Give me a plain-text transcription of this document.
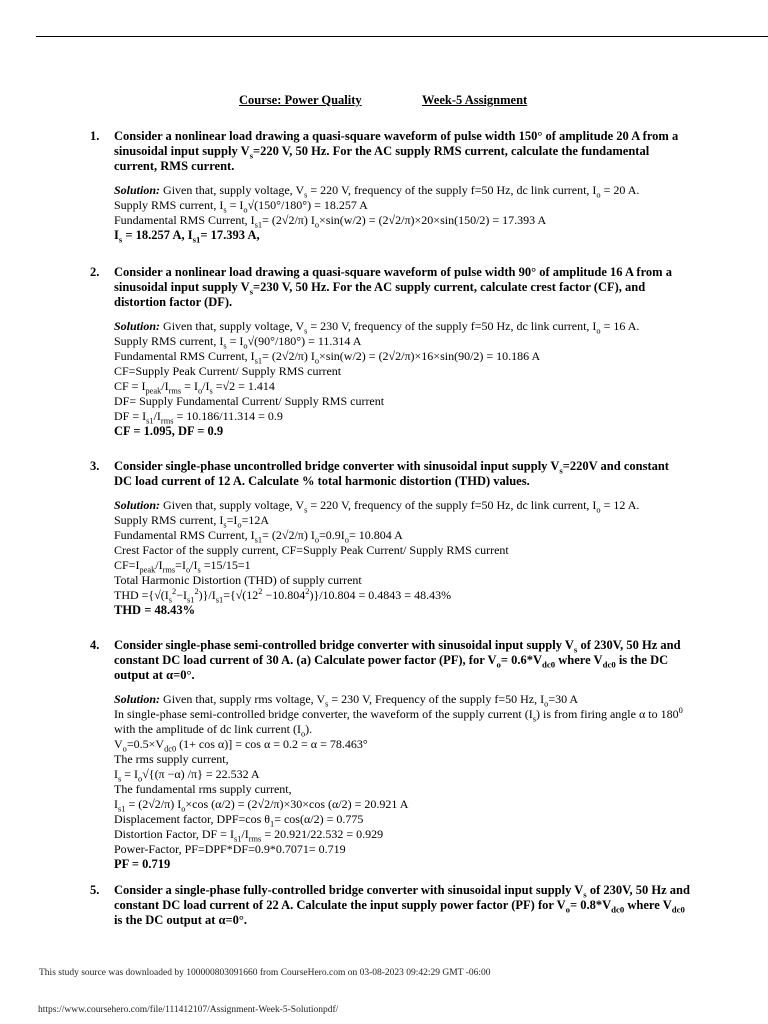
Course: Power Quality	Week-5 Assignment
1. Consider a nonlinear load drawing a quasi-square waveform of pulse width 150° of amplitude 20 A from a sinusoidal input supply $V_s=220$ V, 50 Hz. For the AC supply RMS current, calculate the fundamental current, RMS current.
Solution: Given that, supply voltage, $V_s = 220$ V, frequency of the supply f=50 Hz, dc link current, $I_o = 20$ A.
Supply RMS current, $I_s = I_o√(150^\circ/180^\circ) = 18.257$ A
Fundamental RMS Current, $I_{s1}= (2√2/\pi) I_o\times\sin(w/2) = (2√2/\pi)\times 20\times\sin(150/2) = 17.393$ A
$I_s = 18.257$ A, $I_{s1}= 17.393$ A,
2. Consider a nonlinear load drawing a quasi-square waveform of pulse width 90° of amplitude 16 A from a sinusoidal input supply $V_s=230$ V, 50 Hz. For the AC supply current, calculate crest factor (CF), and distortion factor (DF).
Solution: Given that, supply voltage, $V_s = 230$ V, frequency of the supply f=50 Hz, dc link current, $I_o = 16$ A.
Supply RMS current, $I_s = I_o√(90^\circ/180^\circ) = 11.314$ A
Fundamental RMS Current, $I_{s1}= (2√2/\pi) I_o\times\sin(w/2) = (2√2/\pi)\times 16\times\sin(90/2) = 10.186$ A
CF=Supply Peak Current/ Supply RMS current
CF = $I_{peak}/I_{rms} = I_o/I_s =√2 = 1.414$
DF= Supply Fundamental Current/ Supply RMS current
DF = $I_{s1}/I_{rms} = 10.186/11.314 = 0.9$
CF = 1.095, DF = 0.9
3. Consider single-phase uncontrolled bridge converter with sinusoidal input supply $V_s=220V$ and constant DC load current of 12 A. Calculate % total harmonic distortion (THD) values.
Solution: Given that, supply voltage, $V_s = 220$ V, frequency of the supply f=50 Hz, dc link current, $I_o = 12$ A.
Supply RMS current, $I_s=I_o=12A$
Fundamental RMS Current, $I_{s1}= (2√2/\pi)$ $I_o=0.9I_o= 10.804$ A
Crest Factor of the supply current, CF=Supply Peak Current/ Supply RMS current
$CF=I_{peak}/I_{rms}=I_o/I_s =15/15=1$
Total Harmonic Distortion (THD) of supply current
THD $=\{√(I_s^2-I_{s1}^2)\}/I_{s1}=\{√(12^2 -10.804^2)\}/10.804 = 0.4843 = 48.43\%$
THD = 48.43%
4. Consider single-phase semi-controlled bridge converter with sinusoidal input supply $V_s$ of 230V, 50 Hz and constant DC load current of 30 A. (a) Calculate power factor (PF), for $V_o= 0.6*V_{dc0}$ where $V_{dc0}$ is the DC output at α=0°.
Solution: Given that, supply rms voltage, $V_s = 230$ V, Frequency of the supply f=50 Hz, $I_o=30$ A
In single-phase semi-controlled bridge converter, the waveform of the supply current $(I_s)$ is from firing angle α to $180^0$ with the amplitude of dc link current $(I_o)$.
$V_o=0.5\times V_{dc0}$ (1+ cos α)] = cos α = 0.2 = α = 78.463°
The rms supply current,
$I_s = I_o√\{(\pi -\alpha) /\pi\} = 22.532$ A
The fundamental rms supply current,
$I_{s1} = (2√2/\pi)$ $I_o\times\cos$ (α/2) = (2√2/π)×30×cos (α/2) = 20.921 A
Displacement factor, DPF=cos $\theta_1= \cos(\alpha/2) = 0.775$
Distortion Factor, DF = $I_{s1}/I_{rms} = 20.921/22.532 = 0.929$
Power-Factor, PF=DPF*DF=0.9*0.7071= 0.719
PF = 0.719
5. Consider a single-phase fully-controlled bridge converter with sinusoidal input supply $V_s$ of 230V, 50 Hz and constant DC load current of 22 A. Calculate the input supply power factor (PF) for $V_o= 0.8*V_{dc0}$ where $V_{dc0}$ is the DC output at α=0°.
This study source was downloaded by 100000803091660 from CourseHero.com on 03-08-2023 09:42:29 GMT -06:00
https://www.coursehero.com/file/111412107/Assignment-Week-5-Solutionpdf/
